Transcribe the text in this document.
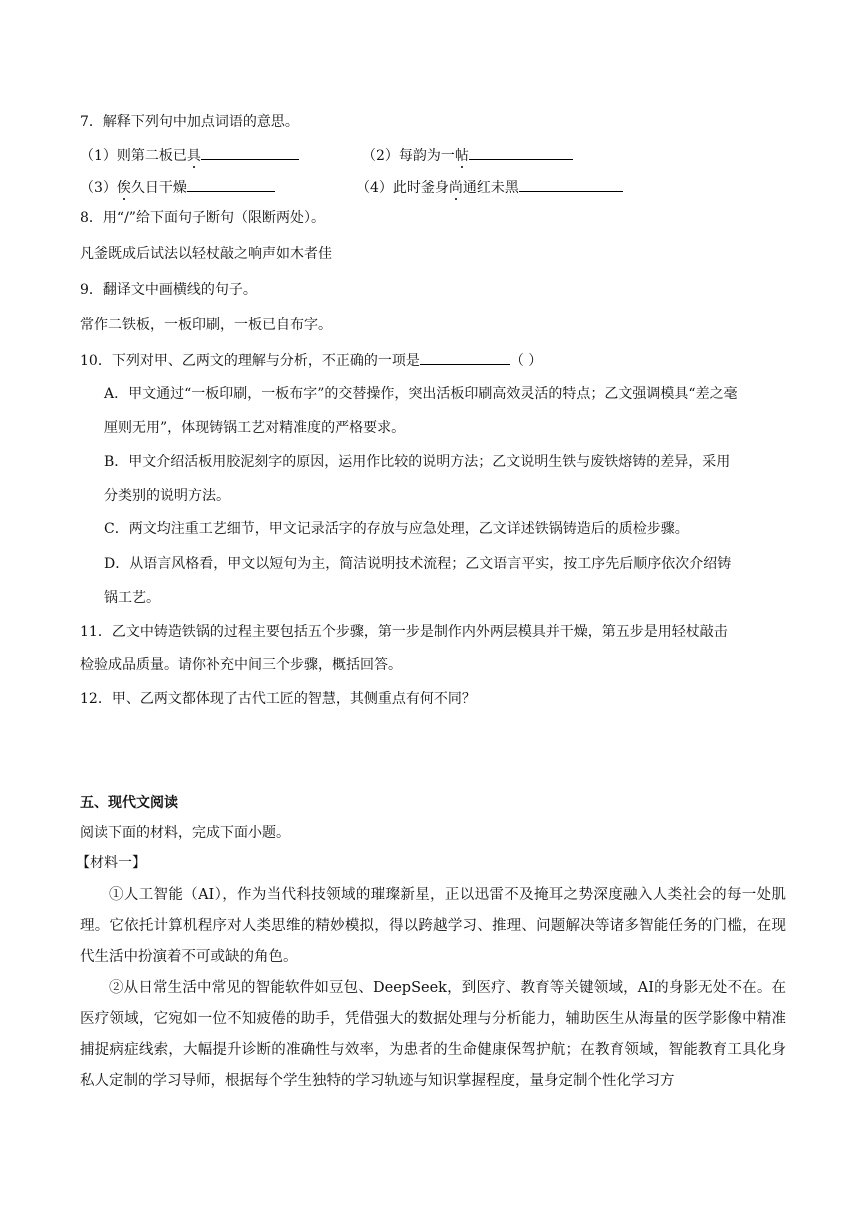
7．解释下列句中加点词语的意思。
（1）则第二板已具	（2）每韵为一帖
（3）俟久日干燥	（4）此时釜身尚通红未黑
8．用“/”给下面句子断句（限断两处）。
凡釜既成后试法以轻杖敲之响声如木者佳
9．翻译文中画横线的句子。
常作二铁板，一板印刷，一板已自布字。
10．下列对甲、乙两文的理解与分析，不正确的一项是	（ ）
A．甲文通过“一板印刷，一板布字”的交替操作，突出活板印刷高效灵活的特点；乙文强调模具“差之毫
厘则无用”，体现铸锅工艺对精准度的严格要求。
B．甲文介绍活板用胶泥刻字的原因，运用作比较的说明方法；乙文说明生铁与废铁熔铸的差异，采用
分类别的说明方法。
C．两文均注重工艺细节，甲文记录活字的存放与应急处理，乙文详述铁锅铸造后的质检步骤。
D．从语言风格看，甲文以短句为主，简洁说明技术流程；乙文语言平实，按工序先后顺序依次介绍铸
锅工艺。
11．乙文中铸造铁锅的过程主要包括五个步骤，第一步是制作内外两层模具并干燥，第五步是用轻杖敲击
检验成品质量。请你补充中间三个步骤，概括回答。
12．甲、乙两文都体现了古代工匠的智慧，其侧重点有何不同？
五、现代文阅读
阅读下面的材料，完成下面小题。
【材料一】

①人工智能（AI），作为当代科技领域的璀璨新星，正以迅雷不及掩耳之势深度融入人类社会的每一处肌理。它依托计算机程序对人类思维的精妙模拟，得以跨越学习、推理、问题解决等诸多智能任务的门槛，在现代生活中扮演着不可或缺的角色。

②从日常生活中常见的智能软件如豆包、DeepSeek，到医疗、教育等关键领域，AI的身影无处不在。在医疗领域，它宛如一位不知疲倦的助手，凭借强大的数据处理与分析能力，辅助医生从海量的医学影像中精准捕捉病症线索，大幅提升诊断的准确性与效率，为患者的生命健康保驾护航；在教育领域，智能教育工具化身私人定制的学习导师，根据每个学生独特的学习轨迹与知识掌握程度，量身定制个性化学习方
